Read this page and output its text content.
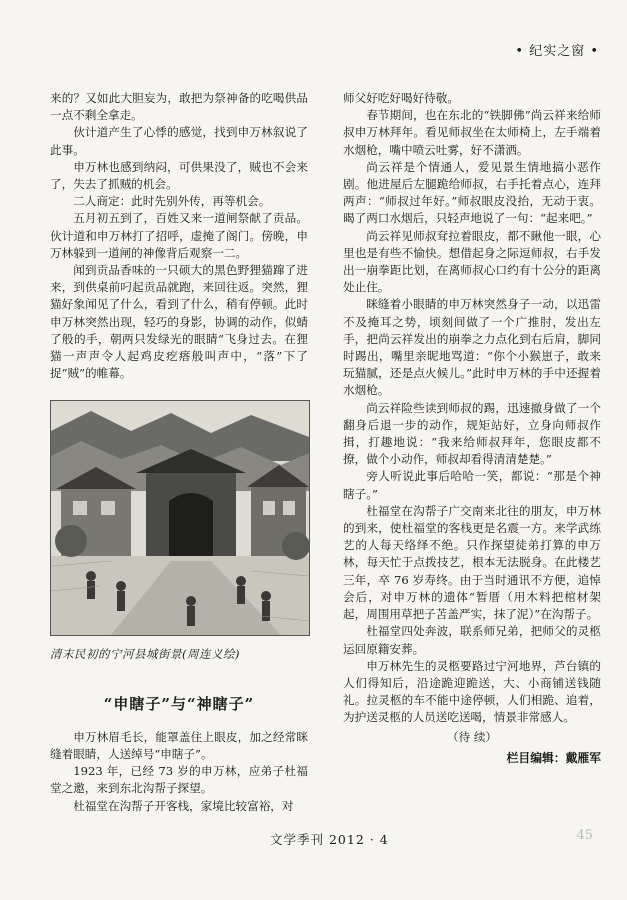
• 纪实之窗 •

来的？又如此大胆妄为，敢把为祭神备的吃喝供品一点不剩全拿走。

伙计道产生了心悸的感觉，找到申万林叙说了此事。

申万林也感到纳闷，可供果没了，贼也不会来了，失去了抓贼的机会。

二人商定：此时先别外传，再等机会。

五月初五到了，百姓又来一道闸祭献了贡品。伙计道和申万林打了招呼，虚掩了阁门。傍晚，申万林躲到一道闸的神像背后观察一二。

闻到贡品香味的一只硕大的黑色野狸猫蹿了进来，到供桌前叼起贡品就跑，来回往返。突然，狸猫好象闻见了什么，看到了什么，稍有停顿。此时申万林突然出现，轻巧的身影，协调的动作，似蜻了般的手，朝两只发绿光的眼睛“飞身过去。在狸猫一声声令人起鸡皮疙瘩般叫声中，“落”下了捉“贼”的帷幕。

清末民初的宁河县城街景(周连义绘)
“申瞎子”与“神瞎子”

申万林眉毛长，能罩盖住上眼皮，加之经常眯缝着眼睛，人送绰号“申瞎子”。

1923 年，已经 73 岁的申万林，应弟子杜福堂之邀，来到东北沟帮子探望。

杜福堂在沟帮子开客栈，家境比较富裕，对

师父好吃好喝好待敬。

春节期间，也在东北的“铁脚佛”尚云祥来给师叔申万林拜年。看见师叔坐在太师椅上，左手端着水烟枪，嘴中喷云吐雾，好不潇洒。

尚云祥是个情通人，爱见景生情地搞小恶作剧。他进屋后左腿跪给师叔，右手托着点心，连拜两声：“师叔过年好。”师叔眼皮没抬，无动于衷。暍了两口水烟后，只轻声地说了一句：“起来吧。”

尚云祥见师叔耷拉着眼皮，都不瞅他一眼，心里也是有些不愉快。想借起身之际逗师叔，右手发出一崩拳距比划，在离师叔心口约有十公分的距离处止住。

眯缝着小眼睛的申万林突然身子一动，以迅雷不及掩耳之势，顷刻间做了一个广推肘，发出左手，把尚云祥发出的崩拳之力点化到右后肩，脚同时踢出，嘴里亲昵地骂道：“你个小猴崽子，敢来玩猫腻，还是点火候儿。”此时申万林的手中还握着水烟枪。

尚云祥险些读到师叔的踢，迅速撤身做了一个翻身后退一步的动作，规矩站好，立身向师叔作揖，打趣地说：“我来给师叔拜年，您眼皮都不撩，做个小动作，师叔却看得清清楚楚。”

旁人听说此事后哈哈一笑，都说：“那是个神瞎子。”

杜福堂在沟帮子广交南来北往的朋友，申万林的到来，使杜福堂的客栈更是名震一方。来学武练艺的人每天络绎不绝。只作探望徒弟打算的申万林，每天忙于点拨技艺，根本无法脱身。在此楼艺三年，卒 76 岁寿终。由于当时通讯不方便，追悼会后，对申万林的遗体“暂厝（用木料把棺材架起，周围用草把子苫盖严实，抹了泥）”在沟帮子。

杜福堂四处奔波，联系师兄弟，把师父的灵柩运回原籍安葬。

申万林先生的灵柩要路过宁河地界，芦台镇的人们得知后，沿途跪迎跪送，大、小商铺送钱随礼。拉灵柩的车不能中途停顿，人们相跪、追着，为护送灵柩的人员送吃送喝，情景非常感人。

（待 续）

栏目编辑：戴雁军
文学季刊 2012 · 4	45
